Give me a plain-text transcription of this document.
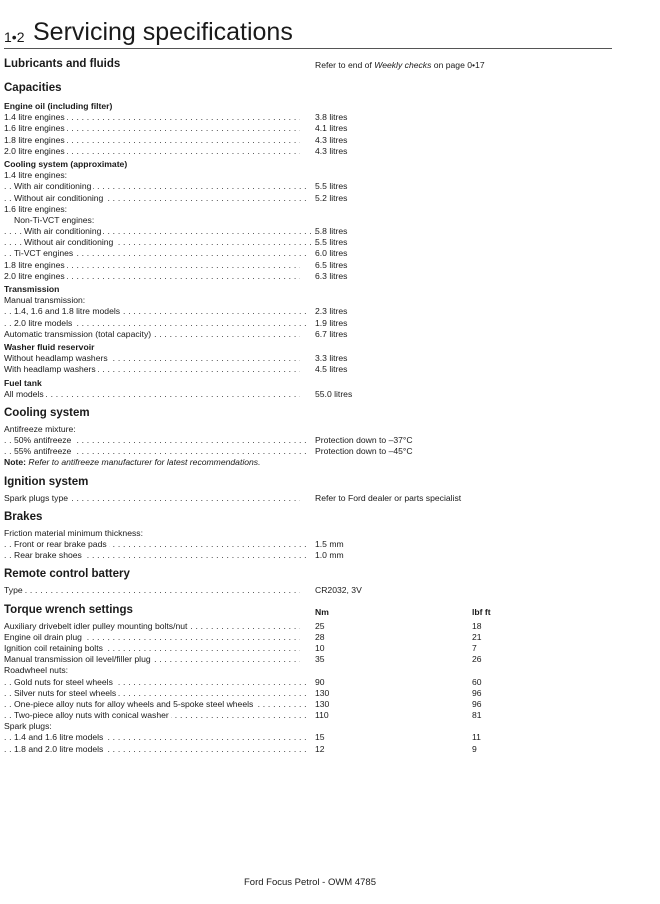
1•2 Servicing specifications
Lubricants and fluids	Refer to end of Weekly checks on page 0•17
Capacities
Engine oil (including filter)
1.4 litre engines . . .	3.8 litres
1.6 litre engines . . .	4.1 litres
1.8 litre engines . . .	4.3 litres
2.0 litre engines . . .	4.3 litres
Cooling system (approximate)
1.4 litre engines:
With air conditioning . . .	5.5 litres
Without air conditioning . . .	5.2 litres
1.6 litre engines:
Non-Ti-VCT engines:
With air conditioning . . .	5.8 litres
Without air conditioning . . .	5.5 litres
Ti-VCT engines . . .	6.0 litres
1.8 litre engines . . .	6.5 litres
2.0 litre engines . . .	6.3 litres
Transmission
Manual transmission:
1.4, 1.6 and 1.8 litre models . . .	2.3 litres
2.0 litre models . . .	1.9 litres
Automatic transmission (total capacity) . . .	6.7 litres
Washer fluid reservoir
Without headlamp washers . . .	3.3 litres
With headlamp washers . . .	4.5 litres
Fuel tank
All models . . .	55.0 litres
Cooling system
Antifreeze mixture:
50% antifreeze . . .	Protection down to –37°C
55% antifreeze . . .	Protection down to –45°C
Note: Refer to antifreeze manufacturer for latest recommendations.
Ignition system
Spark plugs type . . .	Refer to Ford dealer or parts specialist
Brakes
Friction material minimum thickness:
Front or rear brake pads . . .	1.5 mm
Rear brake shoes . . .	1.0 mm
Remote control battery
Type . . .	CR2032, 3V
Torque wrench settings	Nm	lbf ft
Auxiliary drivebelt idler pulley mounting bolts/nut . . .	25	18
Engine oil drain plug . . .	28	21
Ignition coil retaining bolts . . .	10	7
Manual transmission oil level/filler plug . . .	35	26
Roadwheel nuts:
Gold nuts for steel wheels . . .	90	60
Silver nuts for steel wheels . . .	130	96
One-piece alloy nuts for alloy wheels and 5-spoke steel wheels . . .	130	96
Two-piece alloy nuts with conical washer . . .	110	81
Spark plugs:
1.4 and 1.6 litre models . . .	15	11
1.8 and 2.0 litre models . . .	12	9
Ford Focus Petrol - OWM 4785
